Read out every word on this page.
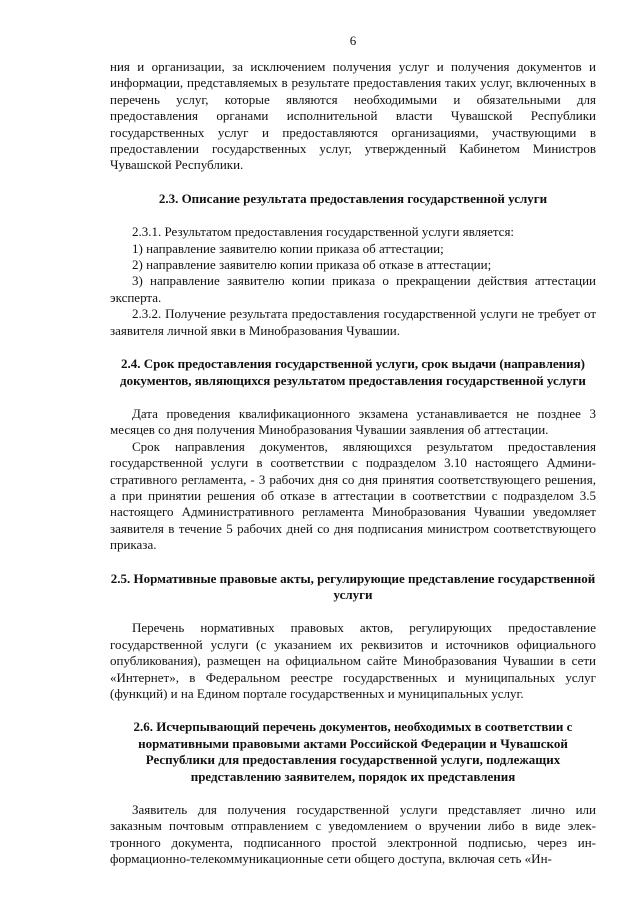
6

ния и организации, за исключением получения услуг и получения документов и информации, представляемых в результате предоставления таких услуг, включенных в перечень услуг, которые являются необходимыми и обязательными для предоставления органами исполнительной власти Чувашской Республики государственных услуг и предоставляются организациями, участвующими в предоставлении государственных услуг, утвержденный Кабинетом Министров Чувашской Республики.

2.3. Описание результата предоставления государственной услуги

2.3.1. Результатом предоставления государственной услуги является:

1) направление заявителю копии приказа об аттестации;

2) направление заявителю копии приказа об отказе в аттестации;

3) направление заявителю копии приказа о прекращении действия аттестации эксперта.

2.3.2. Получение результата предоставления государственной услуги не требует от заявителя личной явки в Минобразования Чувашии.

2.4. Срок предоставления государственной услуги, срок выдачи (направления) документов, являющихся результатом предоставления государственной услуги

Дата проведения квалификационного экзамена устанавливается не позднее 3 месяцев со дня получения Минобразования Чувашии заявления об аттестации.

Срок направления документов, являющихся результатом предоставления государственной услуги в соответствии с подразделом 3.10 настоящего Административного регламента, - 3 рабочих дня со дня принятия соответствующего решения, а при принятии решения об отказе в аттестации в соответствии с подразделом 3.5 настоящего Административного регламента Минобразования Чувашии уведомляет заявителя в течение 5 рабочих дней со дня подписания министром соответствующего приказа.

2.5. Нормативные правовые акты, регулирующие представление государственной услуги

Перечень нормативных правовых актов, регулирующих предоставление государственной услуги (с указанием их реквизитов и источников официального опубликования), размещен на официальном сайте Минобразования Чувашии в сети «Интернет», в Федеральном реестре государственных и муниципальных услуг (функций) и на Едином портале государственных и муниципальных услуг.

2.6. Исчерпывающий перечень документов, необходимых в соответствии с нормативными правовыми актами Российской Федерации и Чувашской Республики для предоставления государственной услуги, подлежащих представлению заявителем, порядок их представления

Заявитель для получения государственной услуги представляет лично или заказным почтовым отправлением с уведомлением о вручении либо в виде электронного документа, подписанного простой электронной подписью, через информационно-телекоммуникационные сети общего доступа, включая сеть «Ин-
